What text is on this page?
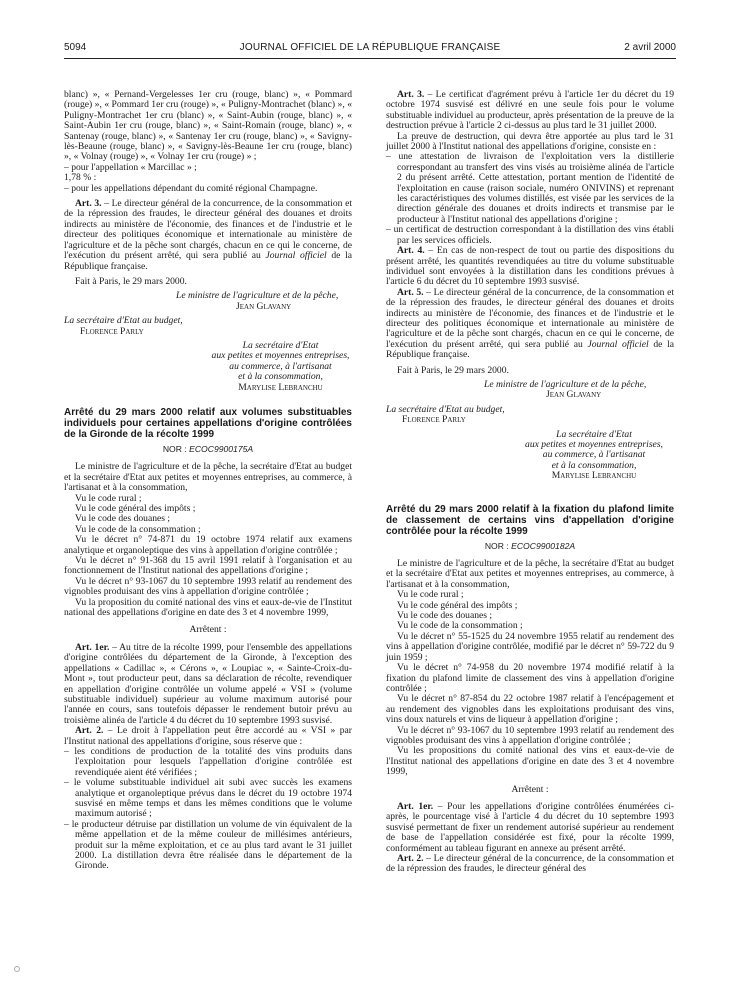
5094	JOURNAL OFFICIEL DE LA RÉPUBLIQUE FRANÇAISE	2 avril 2000

blanc) », « Pernand-Vergelesses 1er cru (rouge, blanc) », « Pommard (rouge) », « Pommard 1er cru (rouge) », « Puligny-Montrachet (blanc) », « Puligny-Montrachet 1er cru (blanc) », « Saint-Aubin (rouge, blanc) », « Saint-Aubin 1er cru (rouge, blanc) », « Saint-Romain (rouge, blanc) », « Santenay (rouge, blanc) », « Santenay 1er cru (rouge, blanc) », « Savigny-lès-Beaune (rouge, blanc) », « Savigny-lès-Beaune 1er cru (rouge, blanc) », « Volnay (rouge) », « Volnay 1er cru (rouge) » ;

– pour l'appellation « Marcillac » ;

1,78 % :

– pour les appellations dépendant du comité régional Champagne.

Art. 3. – Le directeur général de la concurrence, de la consommation et de la répression des fraudes, le directeur général des douanes et droits indirects au ministère de l'économie, des finances et de l'industrie et le directeur des politiques économique et internationale au ministère de l'agriculture et de la pêche sont chargés, chacun en ce qui le concerne, de l'exécution du présent arrêté, qui sera publié au Journal officiel de la République française.

Fait à Paris, le 29 mars 2000.

Le ministre de l'agriculture et de la pêche,

Jean Glavany

La secrétaire d'Etat au budget,

Florence Parly

La secrétaire d'Etat

aux petites et moyennes entreprises,

au commerce, à l'artisanat

et à la consommation,

Marylise Lebranchu

Arrêté du 29 mars 2000 relatif aux volumes substituables individuels pour certaines appellations d'origine contrôlées de la Gironde de la récolte 1999

NOR : ECOC9900175A

Le ministre de l'agriculture et de la pêche, la secrétaire d'Etat au budget et la secrétaire d'Etat aux petites et moyennes entreprises, au commerce, à l'artisanat et à la consommation,

Vu le code rural ;

Vu le code général des impôts ;

Vu le code des douanes ;

Vu le code de la consommation ;

Vu le décret n° 74-871 du 19 octobre 1974 relatif aux examens analytique et organoleptique des vins à appellation d'origine contrôlée ;

Vu le décret n° 91-368 du 15 avril 1991 relatif à l'organisation et au fonctionnement de l'Institut national des appellations d'origine ;

Vu le décret n° 93-1067 du 10 septembre 1993 relatif au rendement des vignobles produisant des vins à appellation d'origine contrôlée ;

Vu la proposition du comité national des vins et eaux-de-vie de l'Institut national des appellations d'origine en date des 3 et 4 novembre 1999,

Arrêtent :

Art. 1er. – Au titre de la récolte 1999, pour l'ensemble des appellations d'origine contrôlées du département de la Gironde, à l'exception des appellations « Cadillac », « Cérons », « Loupiac », « Sainte-Croix-du-Mont », tout producteur peut, dans sa déclaration de récolte, revendiquer en appellation d'origine contrôlée un volume appelé « VSI » (volume substituable individuel) supérieur au volume maximum autorisé pour l'année en cours, sans toutefois dépasser le rendement butoir prévu au troisième alinéa de l'article 4 du décret du 10 septembre 1993 susvisé.

Art. 2. – Le droit à l'appellation peut être accordé au « VSI » par l'Institut national des appellations d'origine, sous réserve que :

– les conditions de production de la totalité des vins produits dans l'exploitation pour lesquels l'appellation d'origine contrôlée est revendiquée aient été vérifiées ;

– le volume substituable individuel ait subi avec succès les examens analytique et organoleptique prévus dans le décret du 19 octobre 1974 susvisé en même temps et dans les mêmes conditions que le volume maximum autorisé ;

– le producteur détruise par distillation un volume de vin équivalent de la même appellation et de la même couleur de millésimes antérieurs, produit sur la même exploitation, et ce au plus tard avant le 31 juillet 2000. La distillation devra être réalisée dans le département de la Gironde.

Art. 3. – Le certificat d'agrément prévu à l'article 1er du décret du 19 octobre 1974 susvisé est délivré en une seule fois pour le volume substituable individuel au producteur, après présentation de la preuve de la destruction prévue à l'article 2 ci-dessus au plus tard le 31 juillet 2000.

La preuve de destruction, qui devra être apportée au plus tard le 31 juillet 2000 à l'Institut national des appellations d'origine, consiste en :

– une attestation de livraison de l'exploitation vers la distillerie correspondant au transfert des vins visés au troisième alinéa de l'article 2 du présent arrêté. Cette attestation, portant mention de l'identité de l'exploitation en cause (raison sociale, numéro ONIVINS) et reprenant les caractéristiques des volumes distillés, est visée par les services de la direction générale des douanes et droits indirects et transmise par le producteur à l'Institut national des appellations d'origine ;

– un certificat de destruction correspondant à la distillation des vins établi par les services officiels.

Art. 4. – En cas de non-respect de tout ou partie des dispositions du présent arrêté, les quantités revendiquées au titre du volume substituable individuel sont envoyées à la distillation dans les conditions prévues à l'article 6 du décret du 10 septembre 1993 susvisé.

Art. 5. – Le directeur général de la concurrence, de la consommation et de la répression des fraudes, le directeur général des douanes et droits indirects au ministère de l'économie, des finances et de l'industrie et le directeur des politiques économique et internationale au ministère de l'agriculture et de la pêche sont chargés, chacun en ce qui le concerne, de l'exécution du présent arrêté, qui sera publié au Journal officiel de la République française.

Fait à Paris, le 29 mars 2000.

Le ministre de l'agriculture et de la pêche,

Jean Glavany

La secrétaire d'Etat au budget,

Florence Parly

La secrétaire d'Etat

aux petites et moyennes entreprises,

au commerce, à l'artisanat

et à la consommation,

Marylise Lebranchu

Arrêté du 29 mars 2000 relatif à la fixation du plafond limite de classement de certains vins d'appellation d'origine contrôlée pour la récolte 1999

NOR : ECOC9900182A

Le ministre de l'agriculture et de la pêche, la secrétaire d'Etat au budget et la secrétaire d'Etat aux petites et moyennes entreprises, au commerce, à l'artisanat et à la consommation,

Vu le code rural ;

Vu le code général des impôts ;

Vu le code des douanes ;

Vu le code de la consommation ;

Vu le décret n° 55-1525 du 24 novembre 1955 relatif au rendement des vins à appellation d'origine contrôlée, modifié par le décret n° 59-722 du 9 juin 1959 ;

Vu le décret n° 74-958 du 20 novembre 1974 modifié relatif à la fixation du plafond limite de classement des vins à appellation d'origine contrôlée ;

Vu le décret n° 87-854 du 22 octobre 1987 relatif à l'encépagement et au rendement des vignobles dans les exploitations produisant des vins, vins doux naturels et vins de liqueur à appellation d'origine ;

Vu le décret n° 93-1067 du 10 septembre 1993 relatif au rendement des vignobles produisant des vins à appellation d'origine contrôlée ;

Vu les propositions du comité national des vins et eaux-de-vie de l'Institut national des appellations d'origine en date des 3 et 4 novembre 1999,

Arrêtent :

Art. 1er. – Pour les appellations d'origine contrôlées énumérées ci-après, le pourcentage visé à l'article 4 du décret du 10 septembre 1993 susvisé permettant de fixer un rendement autorisé supérieur au rendement de base de l'appellation considérée est fixé, pour la récolte 1999, conformément au tableau figurant en annexe au présent arrêté.

Art. 2. – Le directeur général de la concurrence, de la consommation et de la répression des fraudes, le directeur général des
